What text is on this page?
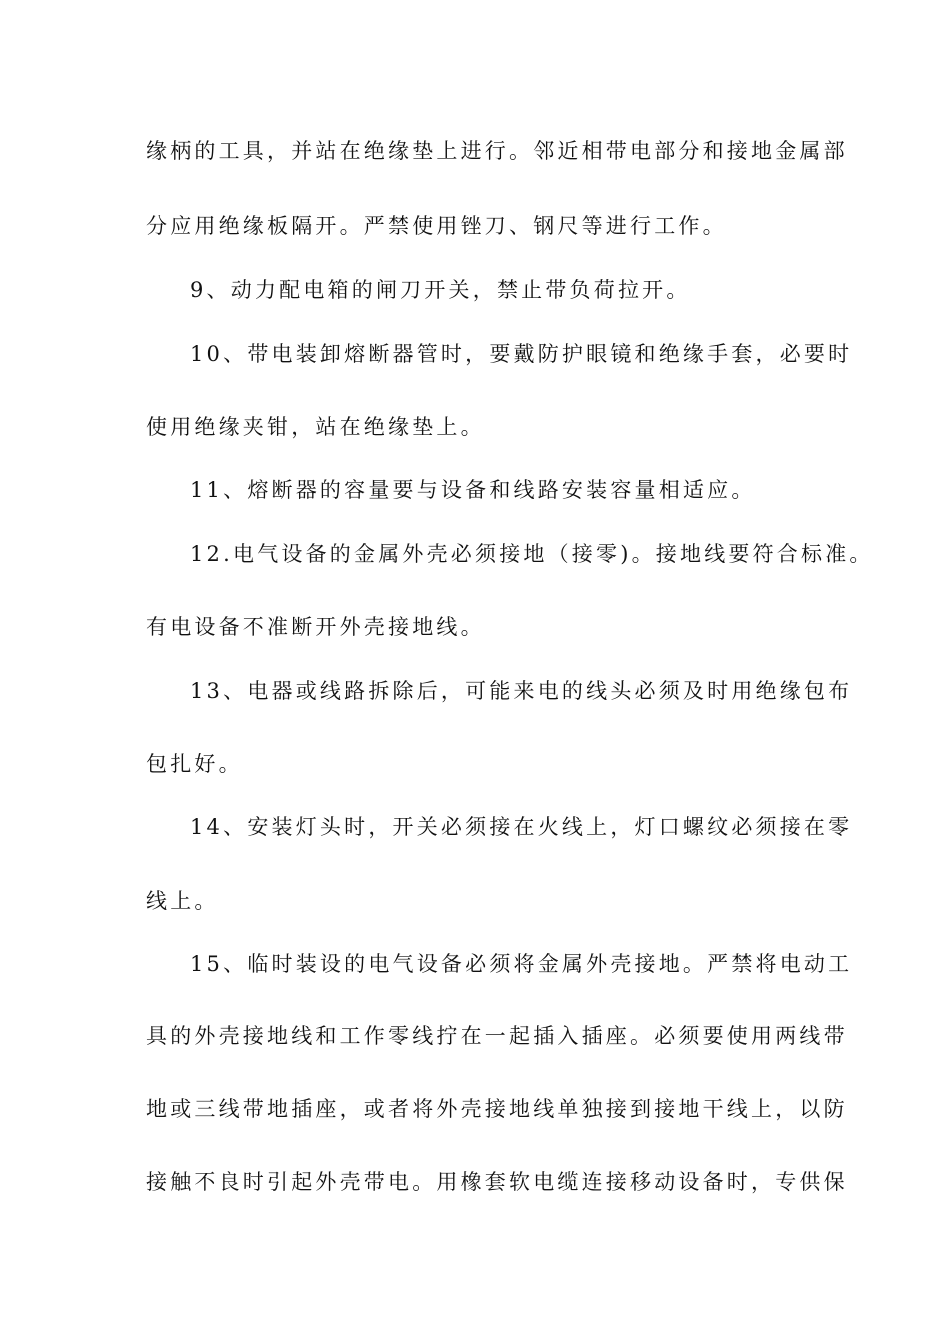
缘柄的工具，并站在绝缘垫上进行。邻近相带电部分和接地金属部
分应用绝缘板隔开。严禁使用锉刀、钢尺等进行工作。
9、动力配电箱的闸刀开关，禁止带负荷拉开。
10、带电装卸熔断器管时，要戴防护眼镜和绝缘手套，必要时
使用绝缘夹钳，站在绝缘垫上。
11、熔断器的容量要与设备和线路安装容量相适应。
12.电气设备的金属外壳必须接地（接零)。接地线要符合标准。
有电设备不准断开外壳接地线。
13、电器或线路拆除后，可能来电的线头必须及时用绝缘包布
包扎好。
14、安装灯头时，开关必须接在火线上，灯口螺纹必须接在零
线上。
15、临时装设的电气设备必须将金属外壳接地。严禁将电动工
具的外壳接地线和工作零线拧在一起插入插座。必须要使用两线带
地或三线带地插座，或者将外壳接地线单独接到接地干线上，以防
接触不良时引起外壳带电。用橡套软电缆连接移动设备时，专供保
